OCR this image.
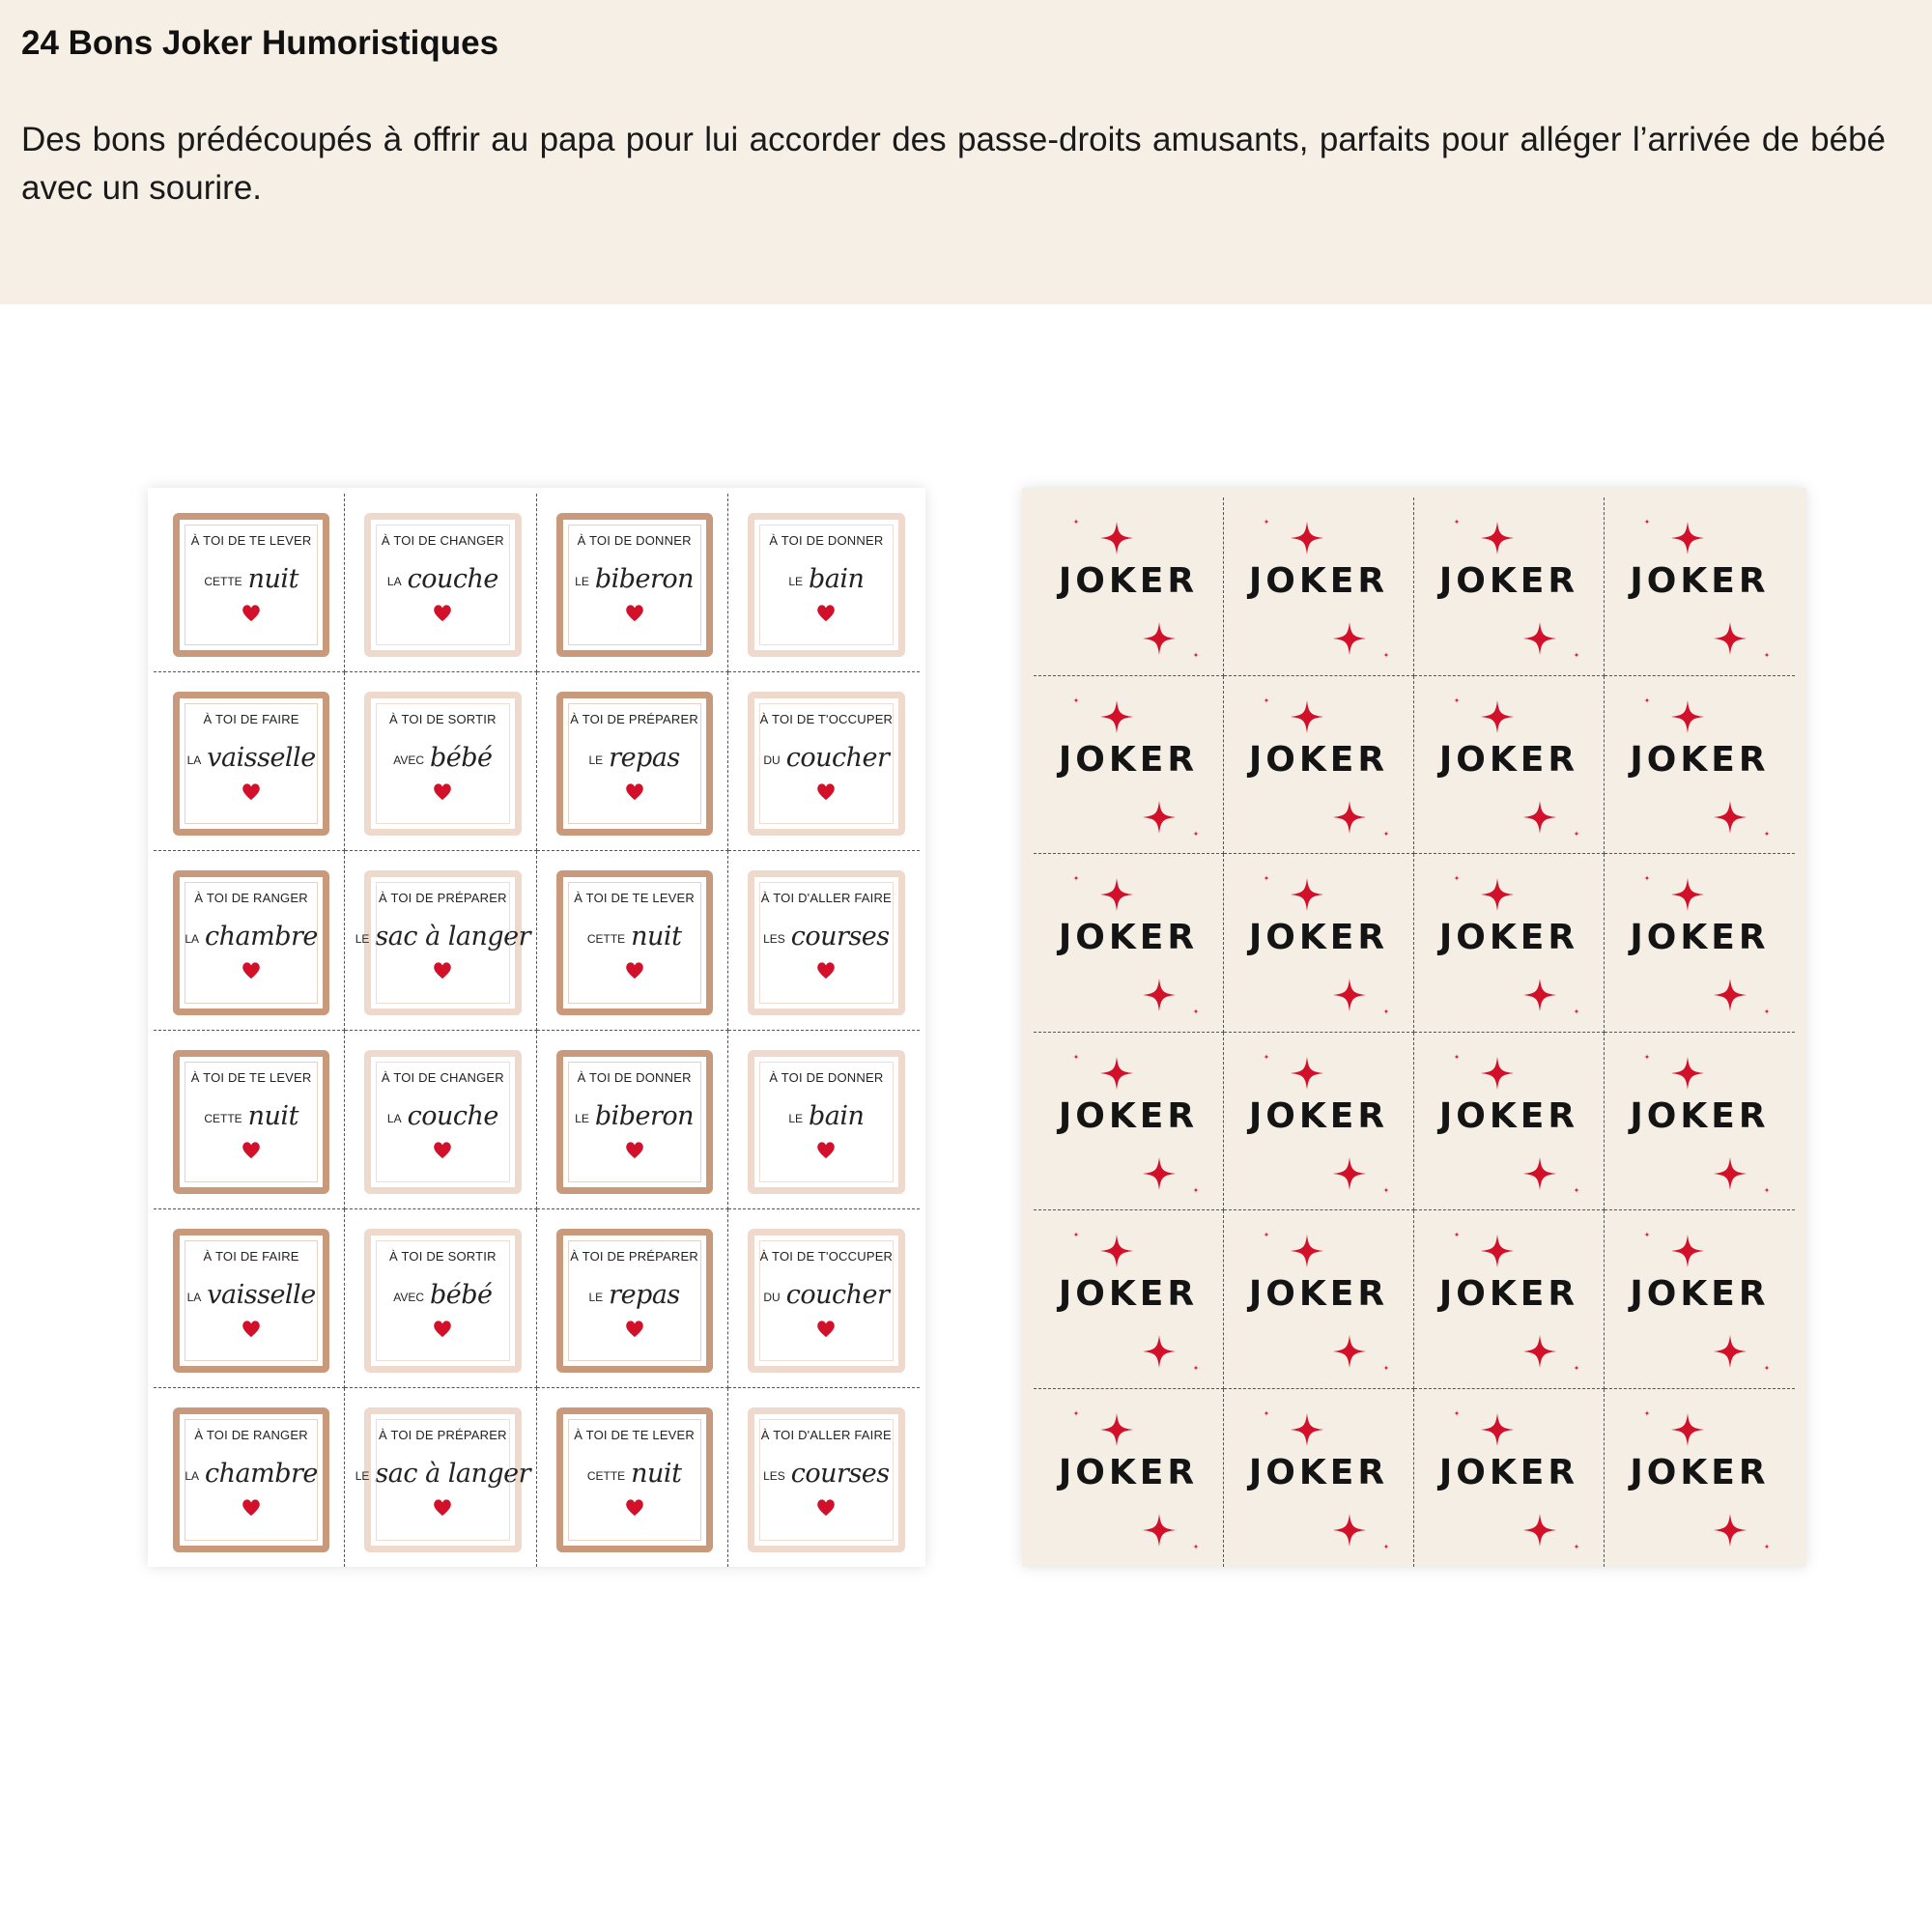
24 Bons Joker Humoristiques

Des bons prédécoupés à offrir au papa pour lui accorder des passe-droits amusants, parfaits pour alléger l’arrivée de bébé avec un sourire.

À TOI DE TE LEVER
CETTE nuit
À TOI DE CHANGER
LA couche
À TOI DE DONNER
LE biberon
À TOI DE DONNER
LE bain
À TOI DE FAIRE
LA vaisselle
À TOI DE SORTIR
AVEC bébé
À TOI DE PRÉPARER
LE repas
À TOI DE T'OCCUPER
DU coucher
À TOI DE RANGER
LA chambre
À TOI DE PRÉPARER
LE sac à langer
À TOI DE TE LEVER
CETTE nuit
À TOI D'ALLER FAIRE
LES courses
À TOI DE TE LEVER
CETTE nuit
À TOI DE CHANGER
LA couche
À TOI DE DONNER
LE biberon
À TOI DE DONNER
LE bain
À TOI DE FAIRE
LA vaisselle
À TOI DE SORTIR
AVEC bébé
À TOI DE PRÉPARER
LE repas
À TOI DE T'OCCUPER
DU coucher
À TOI DE RANGER
LA chambre
À TOI DE PRÉPARER
LE sac à langer
À TOI DE TE LEVER
CETTE nuit
À TOI D'ALLER FAIRE
LES courses
JOKER	JOKER	JOKER	JOKER
JOKER	JOKER	JOKER	JOKER
JOKER	JOKER	JOKER	JOKER
JOKER	JOKER	JOKER	JOKER
JOKER	JOKER	JOKER	JOKER
JOKER	JOKER	JOKER	JOKER
